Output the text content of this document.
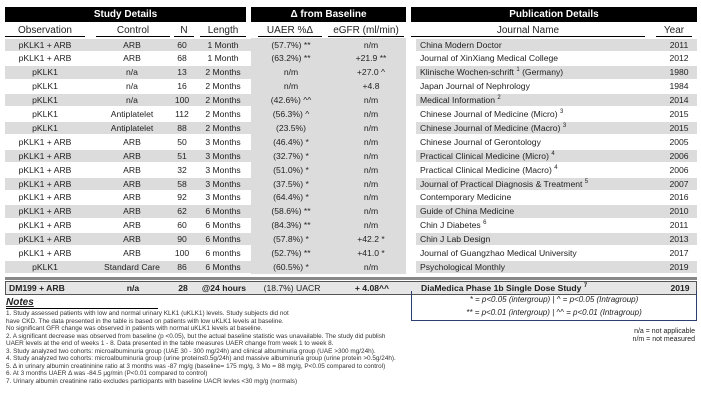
Study Details	Δ from Baseline	Publication Details
Observation	Control	N	Length	UAER %Δ	eGFR (ml/min)	Journal Name	Year
pKLK1 + ARB	ARB	60	1 Month	(57.7%) **	n/m	China Modern Doctor	2011
pKLK1 + ARB	ARB	68	1 Month	(63.2%) **	+21.9 **	Journal of XinXiang Medical College	2012
pKLK1	n/a	13	2 Months	n/m	+27.0 ^	Klinische Wochen-schrift $^1$ (Germany)	1980
pKLK1	n/a	16	2 Months	n/m	+4.8	Japan Journal of Nephrology	1984
pKLK1	n/a	100	2 Months	(42.6%) ^^	n/m	Medical Information $^2$	2014
pKLK1	Antiplatelet	112	2 Months	(56.3%) ^	n/m	Chinese Journal of Medicine (Micro) $^3$	2015
pKLK1	Antiplatelet	88	2 Months	(23.5%)	n/m	Chinese Journal of Medicine (Macro) $^3$	2015
pKLK1 + ARB	ARB	50	3 Months	(46.4%) *	n/m	Chinese Journal of Gerontology	2005
pKLK1 + ARB	ARB	51	3 Months	(32.7%) *	n/m	Practical Clinical Medicine (Micro) $^4$	2006
pKLK1 + ARB	ARB	32	3 Months	(51.0%) *	n/m	Practical Clinical Medicine (Macro) $^4$	2006
pKLK1 + ARB	ARB	58	3 Months	(37.5%) *	n/m	Journal of Practical Diagnosis & Treatment $^5$	2007
pKLK1 + ARB	ARB	92	3 Months	(64.4%) *	n/m	Contemporary Medicine	2016
pKLK1 + ARB	ARB	62	6 Months	(58.6%) **	n/m	Guide of China Medicine	2010
pKLK1 + ARB	ARB	60	6 Months	(84.3%) **	n/m	Chin J Diabetes $^6$	2011
pKLK1 + ARB	ARB	90	6 Months	(57.8%) *	+42.2 *	Chin J Lab Design	2013
pKLK1 + ARB	ARB	100	6 months	(52.7%) **	+41.0 *	Journal of Guangzhao Medical University	2017
pKLK1	Standard Care	86	6 Months	(60.5%) *	n/m	Psychological Monthly	2019
DM199 + ARB	n/a	28	@24 hours	(18.7%) UACR	+ 4.08^^	DiaMedica Phase 1b Single Dose Study $^7$	2019
Notes
1. Study assessed patients with low and normal urinary KLK1 (uKLK1) levels. Study subjects did not
have CKD. The data presented in the table is based on patients with low uKLK1 levels at baseline.
No significant GFR change was observed in patients with normal uKLK1 levels at baseline.
2. A significant decrease was observed from baseline (p <0.05), but the actual baseline statistic was unavailable. The study did publish
UAER levels at the end of weeks 1 - 8. Data presented in the table measures UAER change from week 1 to week 8.
3. Study analyzed two cohorts: microalbuminuria group (UAE 30 - 300 mg/24h) and clinical albuminuria group (UAE >300 mg/24h).
4. Study analyzed two cohorts: microalbuminuria group (urine protein≤0.5g/24h) and massive albuminuria group (urine protein >0.5g/24h).
5. Δ in urinary albumin creatininine ratio at 3 months was -87 mg/g (baseline= 175 mg/g, 3 Mo = 88 mg/g, P<0.05 compared to control)
6. At 3 months UAER Δ was -84.5 μg/min (P<0.01 compared to control)
7. Urinary albumin creatinine ratio excludes participants with baseline UACR levles <30 mg/g (normals)
* = p<0.05 (intergroup) | ^ = p<0.05 (Intragroup)
** = p<0.01 (intergroup) | ^^ = p<0.01 (Intragroup)
n/a = not applicable
n/m = not measured
